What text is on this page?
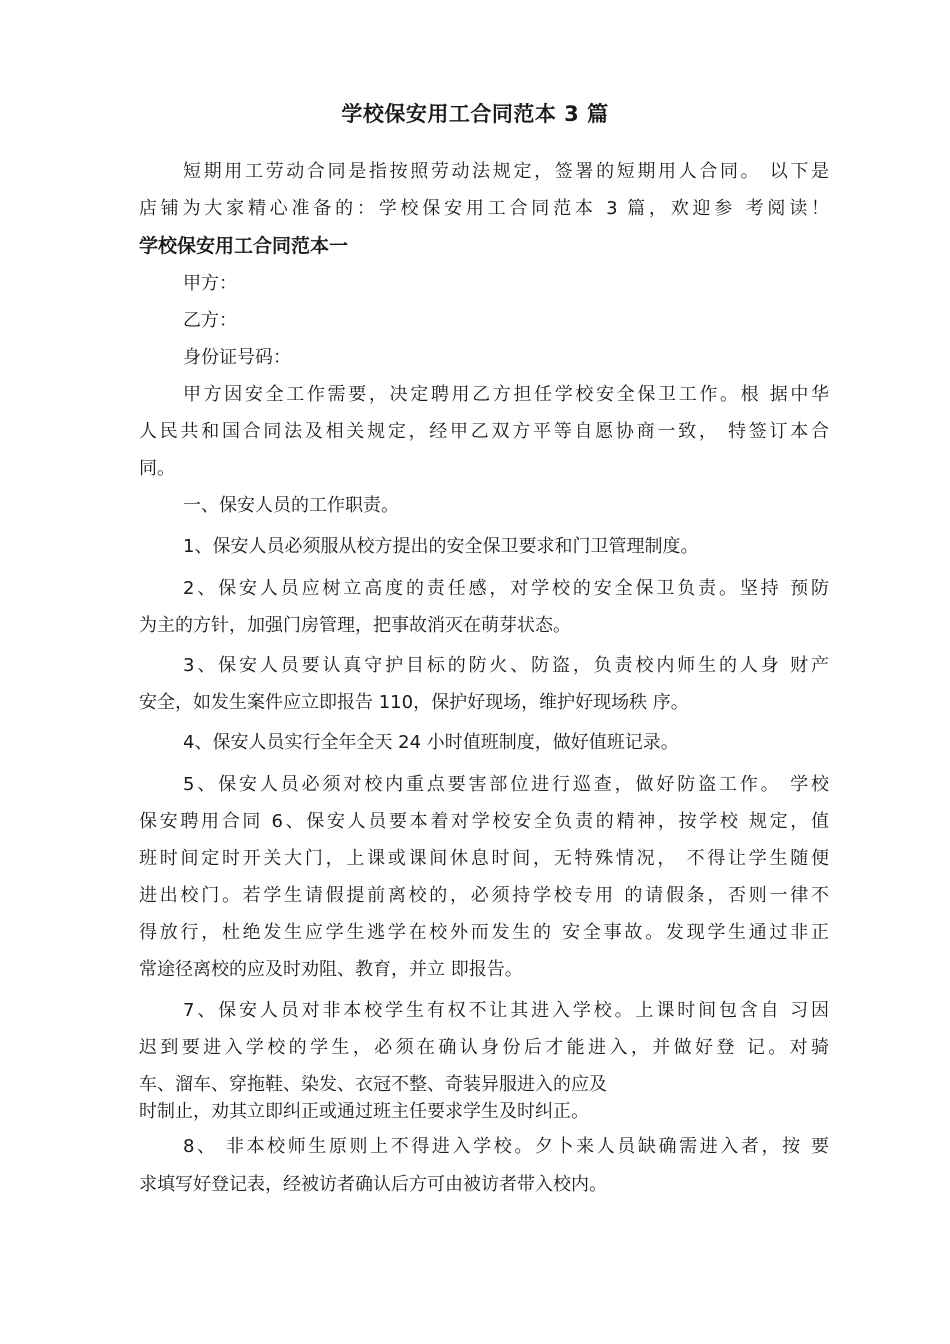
学校保安用工合同范本 3 篇
短期用工劳动合同是指按照劳动法规定，签署的短期用人合同。 以下是
店铺为大家精心准备的：学校保安用工合同范本 3 篇，欢迎参 考阅读！
学校保安用工合同范本一
甲方：
乙方：
身份证号码：
甲方因安全工作需要，决定聘用乙方担任学校安全保卫工作。根 据中华
人民共和国合同法及相关规定，经甲乙双方平等自愿协商一致， 特签订本合
同。
一、保安人员的工作职责。
1、保安人员必须服从校方提出的安全保卫要求和门卫管理制度。
2、保安人员应树立高度的责任感，对学校的安全保卫负责。坚持 预防
为主的方针，加强门房管理，把事故消灭在萌芽状态。
3、保安人员要认真守护目标的防火、防盗，负责校内师生的人身 财产
安全，如发生案件应立即报告 110，保护好现场，维护好现场秩 序。
4、保安人员实行全年全天 24 小时值班制度，做好值班记录。
5、保安人员必须对校内重点要害部位进行巡查，做好防盗工作。 学校
保安聘用合同 6、保安人员要本着对学校安全负责的精神，按学校 规定，值
班时间定时开关大门，上课或课间休息时间，无特殊情况， 不得让学生随便
进出校门。若学生请假提前离校的，必须持学校专用 的请假条，否则一律不
得放行，杜绝发生应学生逃学在校外而发生的 安全事故。发现学生通过非正
常途径离校的应及时劝阻、教育，并立 即报告。
7、保安人员对非本校学生有权不让其进入学校。上课时间包含自 习因
迟到要进入学校的学生，必须在确认身份后才能进入，并做好登 记。对骑
车、溜车、穿拖鞋、染发、衣冠不整、奇装异服进入的应及
时制止，劝其立即纠正或通过班主任要求学生及时纠正。
8、 非本校师生原则上不得进入学校。夕卜来人员缺确需进入者，按 要
求填写好登记表，经被访者确认后方可由被访者带入校内。
